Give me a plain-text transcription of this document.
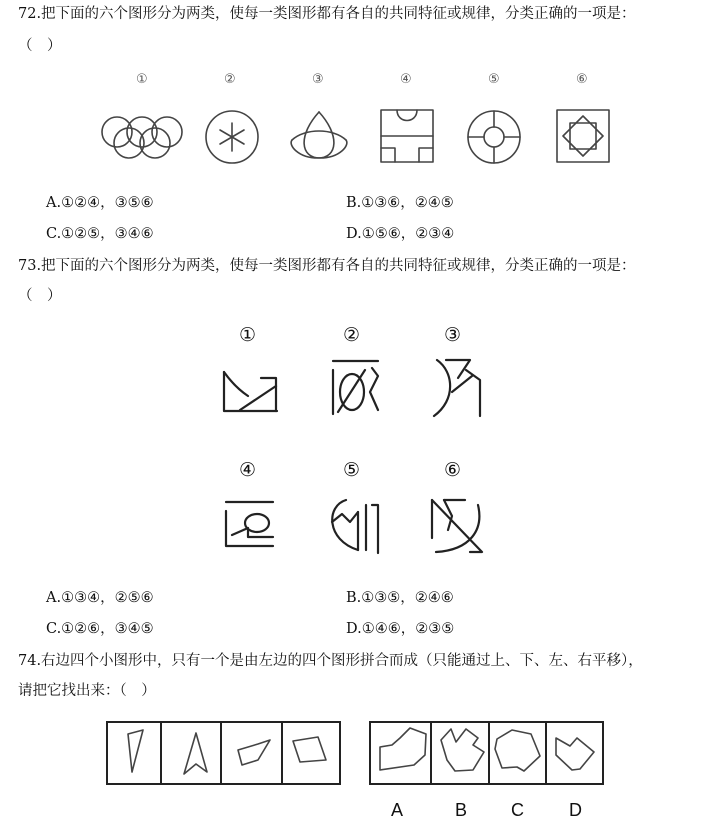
72.把下面的六个图形分为两类，使每一类图形都有各自的共同特征或规律，分类正确的一项是：
（　）
①	②	③	④	⑤	⑥
A.①②④，③⑤⑥	B.①③⑥，②④⑤
C.①②⑤，③④⑥	D.①⑤⑥，②③④
73.把下面的六个图形分为两类，使每一类图形都有各自的共同特征或规律，分类正确的一项是：
（　）
①	②	③
④	⑤	⑥
A.①③④，②⑤⑥	B.①③⑤，②④⑥
C.①②⑥，③④⑤	D.①④⑥，②③⑤
74.右边四个小图形中，只有一个是由左边的四个图形拼合而成（只能通过上、下、左、右平移），
请把它找出来：（　）
A	B C	D
